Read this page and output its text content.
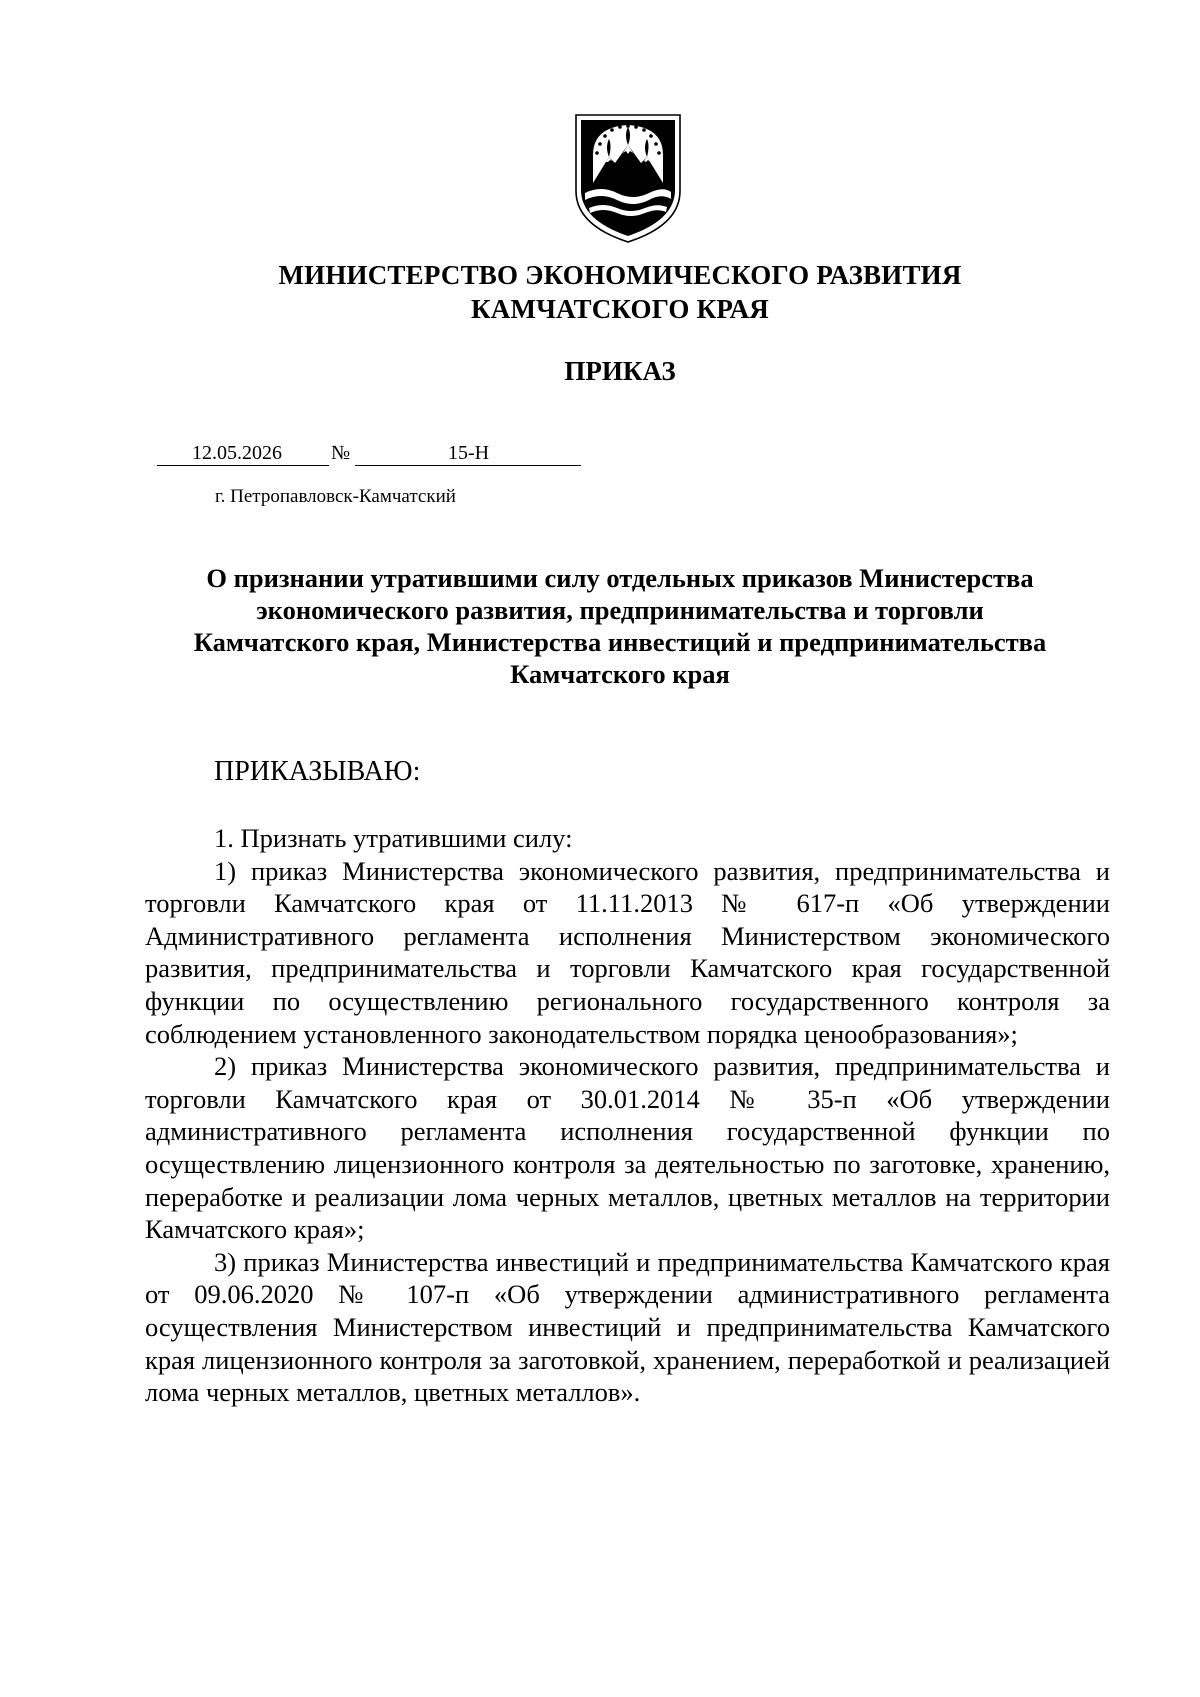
МИНИСТЕРСТВО ЭКОНОМИЧЕСКОГО РАЗВИТИЯ
КАМЧАТСКОГО КРАЯ
ПРИКАЗ
12.05.2026 №	15-Н
г. Петропавловск-Камчатский
О признании утратившими силу отдельных приказов Министерства
экономического развития, предпринимательства и торговли
Камчатского края, Министерства инвестиций и предпринимательства
Камчатского края
ПРИКАЗЫВАЮ:

1. Признать утратившими силу:

1) приказ Министерства экономического развития, предпринимательства и торговли Камчатского края от 11.11.2013 № 617-п «Об утверждении Административного регламента исполнения Министерством экономического развития, предпринимательства и торговли Камчатского края государственной функции по осуществлению регионального государственного контроля за соблюдением установленного законодательством порядка ценообразования»;

2) приказ Министерства экономического развития, предпринимательства и торговли Камчатского края от 30.01.2014 № 35-п «Об утверждении административного регламента исполнения государственной функции по осуществлению лицензионного контроля за деятельностью по заготовке, хранению, переработке и реализации лома черных металлов, цветных металлов на территории Камчатского края»;

3) приказ Министерства инвестиций и предпринимательства Камчатского края от 09.06.2020 № 107-п «Об утверждении административного регламента осуществления Министерством инвестиций и предпринимательства Камчатского края лицензионного контроля за заготовкой, хранением, переработкой и реализацией лома черных металлов, цветных металлов».
